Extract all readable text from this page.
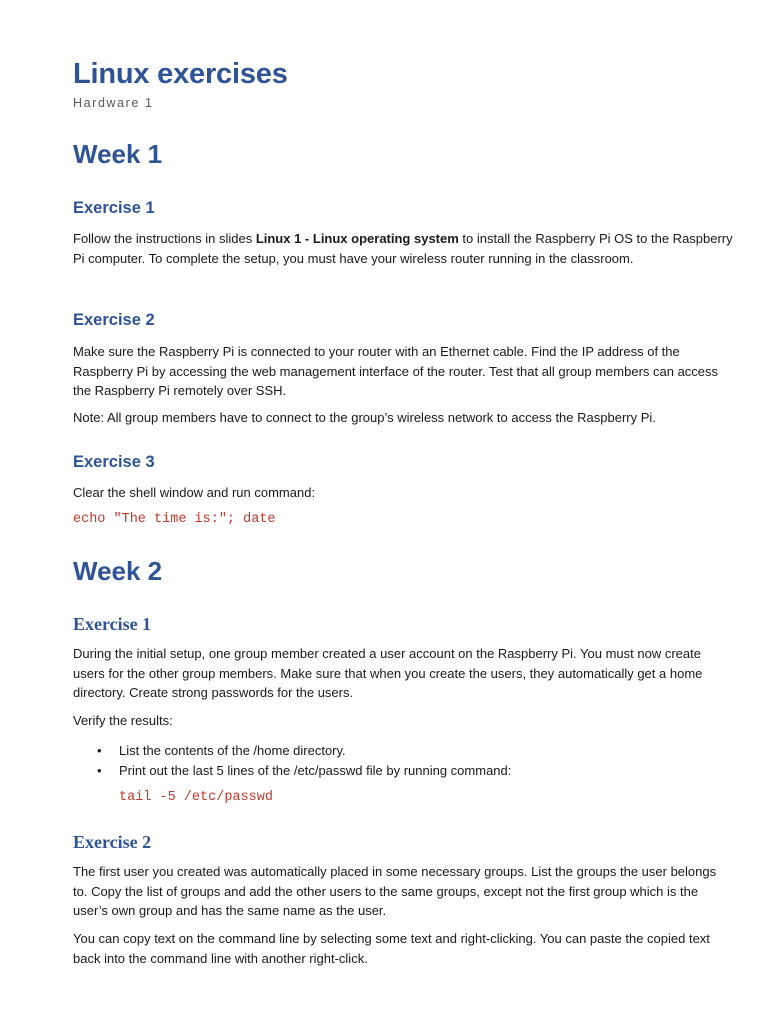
Linux exercises
Hardware 1
Week 1
Exercise 1

Follow the instructions in slides Linux 1 - Linux operating system to install the Raspberry Pi OS to the Raspberry Pi computer. To complete the setup, you must have your wireless router running in the classroom.

Exercise 2

Make sure the Raspberry Pi is connected to your router with an Ethernet cable. Find the IP address of the Raspberry Pi by accessing the web management interface of the router. Test that all group members can access the Raspberry Pi remotely over SSH.

Note: All group members have to connect to the group’s wireless network to access the Raspberry Pi.

Exercise 3

Clear the shell window and run command:

echo "The time is:"; date
Week 2
Exercise 1

During the initial setup, one group member created a user account on the Raspberry Pi. You must now create users for the other group members. Make sure that when you create the users, they automatically get a home directory. Create strong passwords for the users.

Verify the results:

• List the contents of the /home directory.
• Print out the last 5 lines of the /etc/passwd file by running command:
tail -5 /etc/passwd
Exercise 2

The first user you created was automatically placed in some necessary groups. List the groups the user belongs to. Copy the list of groups and add the other users to the same groups, except not the first group which is the user’s own group and has the same name as the user.

You can copy text on the command line by selecting some text and right-clicking. You can paste the copied text back into the command line with another right-click.
